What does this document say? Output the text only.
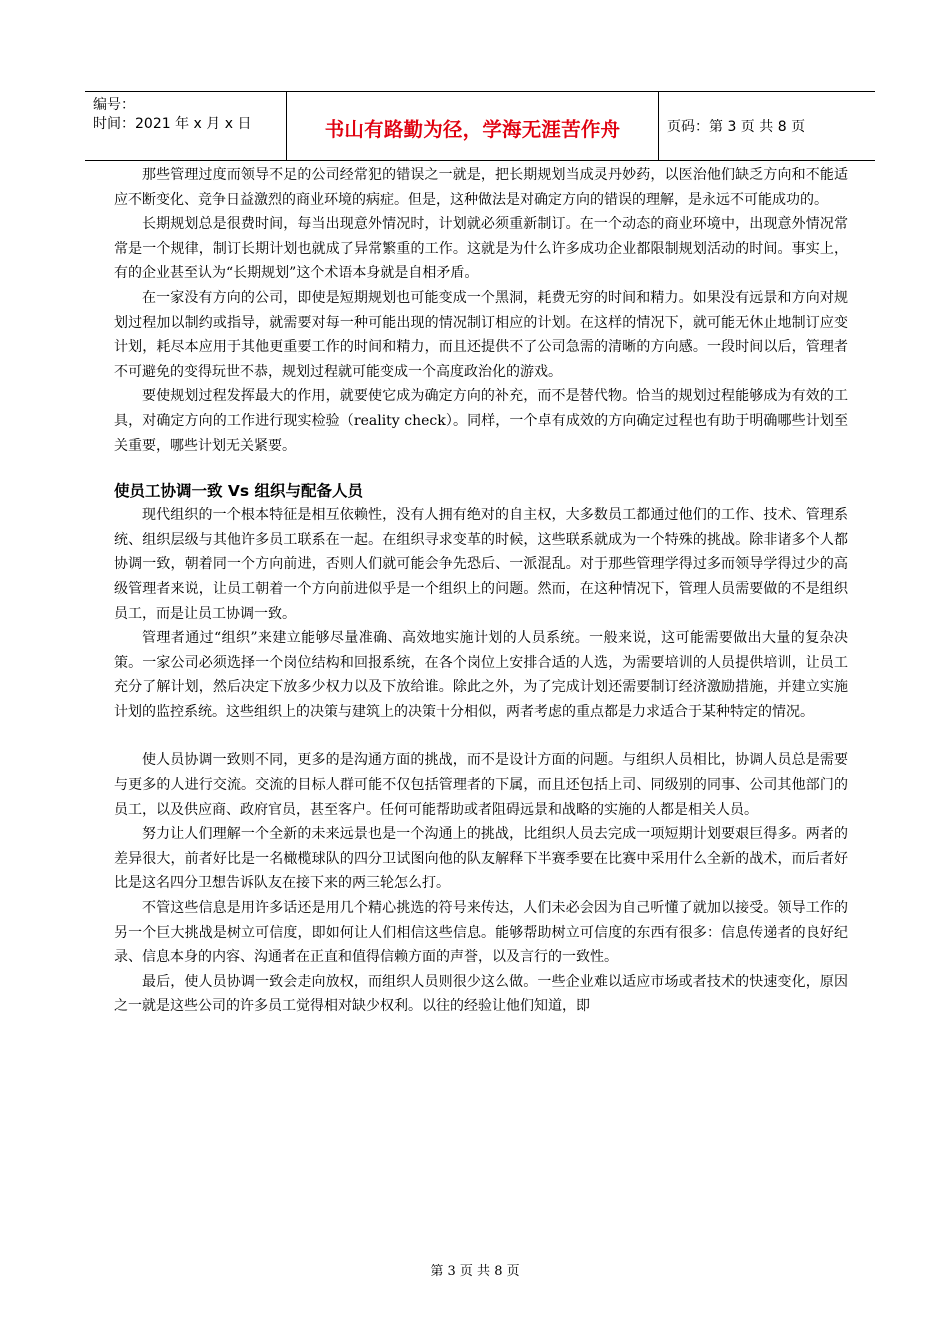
编号：
时间：2021 年 x 月 x 日	书山有路勤为径，学海无涯苦作舟	页码：第 3 页 共 8 页

那些管理过度而领导不足的公司经常犯的错误之一就是，把长期规划当成灵丹妙药，以医治他们缺乏方向和不能适应不断变化、竞争日益激烈的商业环境的病症。但是，这种做法是对确定方向的错误的理解，是永远不可能成功的。

长期规划总是很费时间，每当出现意外情况时，计划就必须重新制订。在一个动态的商业环境中，出现意外情况常常是一个规律，制订长期计划也就成了异常繁重的工作。这就是为什么许多成功企业都限制规划活动的时间。事实上，有的企业甚至认为“长期规划”这个术语本身就是自相矛盾。

在一家没有方向的公司，即使是短期规划也可能变成一个黑洞，耗费无穷的时间和精力。如果没有远景和方向对规划过程加以制约或指导，就需要对每一种可能出现的情况制订相应的计划。在这样的情况下，就可能无休止地制订应变计划，耗尽本应用于其他更重要工作的时间和精力，而且还提供不了公司急需的清晰的方向感。一段时间以后，管理者不可避免的变得玩世不恭，规划过程就可能变成一个高度政治化的游戏。

要使规划过程发挥最大的作用，就要使它成为确定方向的补充，而不是替代物。恰当的规划过程能够成为有效的工具，对确定方向的工作进行现实检验（reality check）。同样，一个卓有成效的方向确定过程也有助于明确哪些计划至关重要，哪些计划无关紧要。

使员工协调一致 Vs 组织与配备人员

现代组织的一个根本特征是相互依赖性，没有人拥有绝对的自主权，大多数员工都通过他们的工作、技术、管理系统、组织层级与其他许多员工联系在一起。在组织寻求变革的时候，这些联系就成为一个特殊的挑战。除非诸多个人都协调一致，朝着同一个方向前进，否则人们就可能会争先恐后、一派混乱。对于那些管理学得过多而领导学得过少的高级管理者来说，让员工朝着一个方向前进似乎是一个组织上的问题。然而，在这种情况下，管理人员需要做的不是组织员工，而是让员工协调一致。

管理者通过“组织”来建立能够尽量准确、高效地实施计划的人员系统。一般来说，这可能需要做出大量的复杂决策。一家公司必须选择一个岗位结构和回报系统，在各个岗位上安排合适的人选，为需要培训的人员提供培训，让员工充分了解计划，然后决定下放多少权力以及下放给谁。除此之外，为了完成计划还需要制订经济激励措施，并建立实施计划的监控系统。这些组织上的决策与建筑上的决策十分相似，两者考虑的重点都是力求适合于某种特定的情况。

使人员协调一致则不同，更多的是沟通方面的挑战，而不是设计方面的问题。与组织人员相比，协调人员总是需要与更多的人进行交流。交流的目标人群可能不仅包括管理者的下属，而且还包括上司、同级别的同事、公司其他部门的员工，以及供应商、政府官员，甚至客户。任何可能帮助或者阻碍远景和战略的实施的人都是相关人员。

努力让人们理解一个全新的未来远景也是一个沟通上的挑战，比组织人员去完成一项短期计划要艰巨得多。两者的差异很大，前者好比是一名橄榄球队的四分卫试图向他的队友解释下半赛季要在比赛中采用什么全新的战术，而后者好比是这名四分卫想告诉队友在接下来的两三轮怎么打。

不管这些信息是用许多话还是用几个精心挑选的符号来传达，人们未必会因为自己听懂了就加以接受。领导工作的另一个巨大挑战是树立可信度，即如何让人们相信这些信息。能够帮助树立可信度的东西有很多：信息传递者的良好纪录、信息本身的内容、沟通者在正直和值得信赖方面的声誉，以及言行的一致性。

最后，使人员协调一致会走向放权，而组织人员则很少这么做。一些企业难以适应市场或者技术的快速变化，原因之一就是这些公司的许多员工觉得相对缺少权利。以往的经验让他们知道，即

第 3 页 共 8 页
